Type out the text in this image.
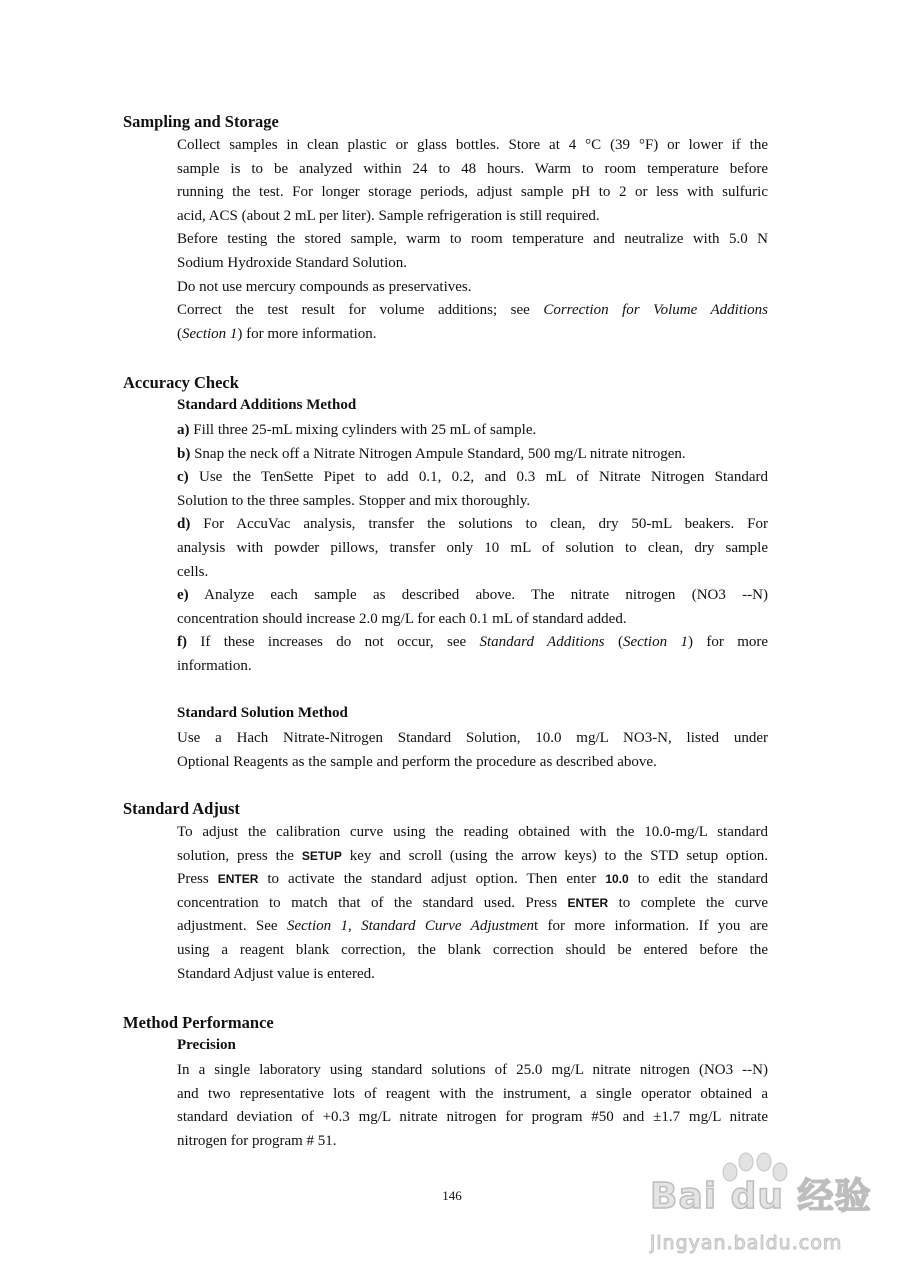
Sampling and Storage
Collect samples in clean plastic or glass bottles. Store at 4 °C (39 °F) or lower if the
sample is to be analyzed within 24 to 48 hours. Warm to room temperature before
running the test. For longer storage periods, adjust sample pH to 2 or less with sulfuric
acid, ACS (about 2 mL per liter). Sample refrigeration is still required.
Before testing the stored sample, warm to room temperature and neutralize with 5.0 N
Sodium Hydroxide Standard Solution.
Do not use mercury compounds as preservatives.
Correct the test result for volume additions; see Correction for Volume Additions
(Section 1) for more information.
Accuracy Check
Standard Additions Method
a) Fill three 25-mL mixing cylinders with 25 mL of sample.
b) Snap the neck off a Nitrate Nitrogen Ampule Standard, 500 mg/L nitrate nitrogen.
c) Use the TenSette Pipet to add 0.1, 0.2, and 0.3 mL of Nitrate Nitrogen Standard
Solution to the three samples. Stopper and mix thoroughly.
d) For AccuVac analysis, transfer the solutions to clean, dry 50-mL beakers. For
analysis with powder pillows, transfer only 10 mL of solution to clean, dry sample
cells.
e) Analyze each sample as described above. The nitrate nitrogen (NO3 --N)
concentration should increase 2.0 mg/L for each 0.1 mL of standard added.
f) If these increases do not occur, see Standard Additions (Section 1) for more
information.
Standard Solution Method
Use a Hach Nitrate-Nitrogen Standard Solution, 10.0 mg/L NO3-N, listed under
Optional Reagents as the sample and perform the procedure as described above.
Standard Adjust
To adjust the calibration curve using the reading obtained with the 10.0-mg/L standard
solution, press the SETUP key and scroll (using the arrow keys) to the STD setup option.
Press ENTER to activate the standard adjust option. Then enter 10.0 to edit the standard
concentration to match that of the standard used. Press ENTER to complete the curve
adjustment. See Section 1, Standard Curve Adjustment for more information. If you are
using a reagent blank correction, the blank correction should be entered before the
Standard Adjust value is entered.
Method Performance
Precision
In a single laboratory using standard solutions of 25.0 mg/L nitrate nitrogen (NO3 --N)
and two representative lots of reagent with the instrument, a single operator obtained a
standard deviation of +0.3 mg/L nitrate nitrogen for program #50 and ±1.7 mg/L nitrate
nitrogen for program # 51.
146	Bai du 经验
jingyan.baidu.com
